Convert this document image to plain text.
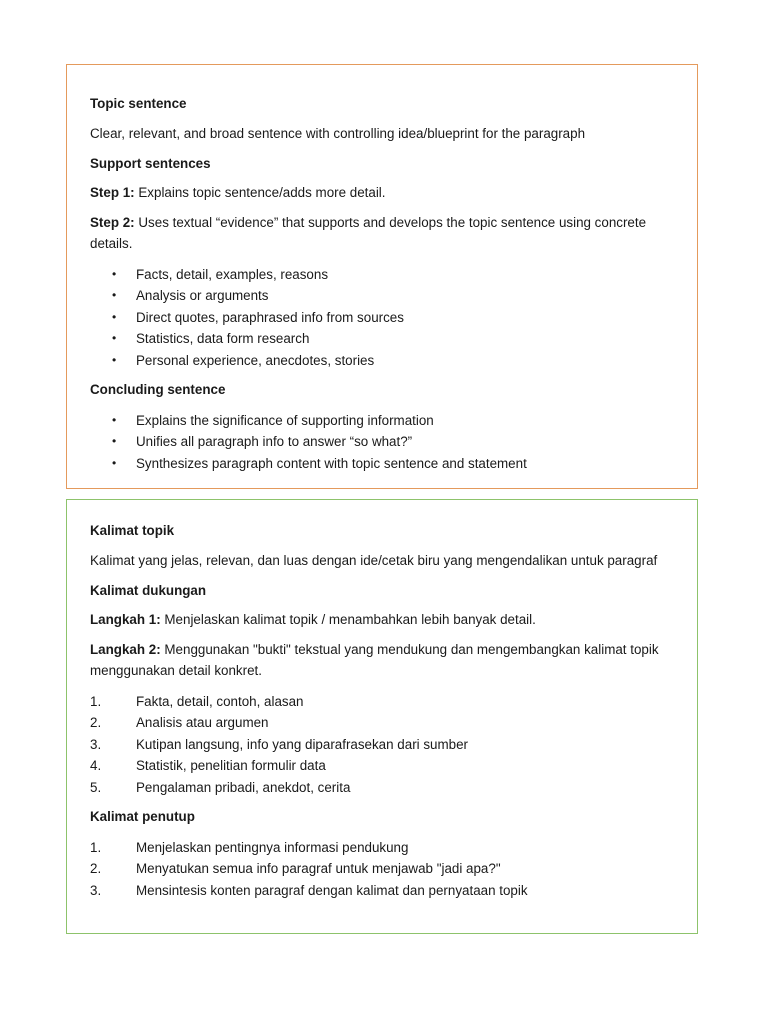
Topic sentence

Clear, relevant, and broad sentence with controlling idea/blueprint for the paragraph

Support sentences

Step 1: Explains topic sentence/adds more detail.

Step 2: Uses textual “evidence” that supports and develops the topic sentence using concrete details.

•	Facts, detail, examples, reasons
•	Analysis or arguments
•	Direct quotes, paraphrased info from sources
•	Statistics, data form research
•	Personal experience, anecdotes, stories

Concluding sentence

•	Explains the significance of supporting information
•	Unifies all paragraph info to answer “so what?”
•	Synthesizes paragraph content with topic sentence and statement

Kalimat topik

Kalimat yang jelas, relevan, dan luas dengan ide/cetak biru yang mengendalikan untuk paragraf

Kalimat dukungan

Langkah 1: Menjelaskan kalimat topik / menambahkan lebih banyak detail.

Langkah 2: Menggunakan "bukti" tekstual yang mendukung dan mengembangkan kalimat topik menggunakan detail konkret.

1.	Fakta, detail, contoh, alasan
2.	Analisis atau argumen
3.	Kutipan langsung, info yang diparafrasekan dari sumber
4.	Statistik, penelitian formulir data
5.	Pengalaman pribadi, anekdot, cerita

Kalimat penutup

1.	Menjelaskan pentingnya informasi pendukung
2.	Menyatukan semua info paragraf untuk menjawab "jadi apa?"
3.	Mensintesis konten paragraf dengan kalimat dan pernyataan topik
